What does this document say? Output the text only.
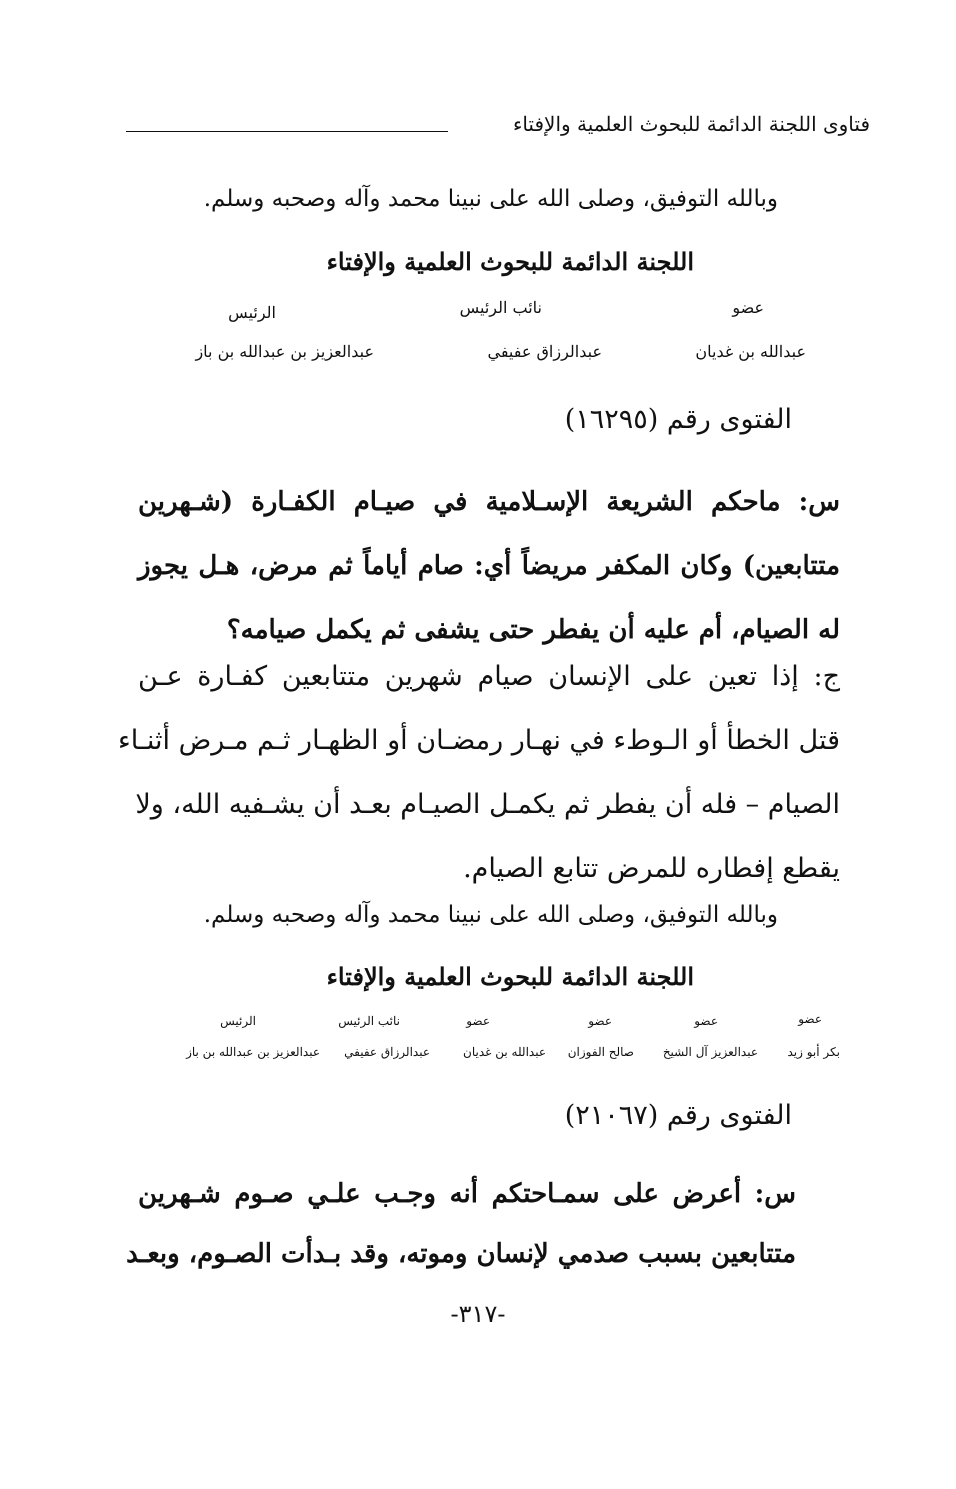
فتاوى اللجنة الدائمة للبحوث العلمية والإفتاء
وبالله التوفيق، وصلى الله على نبينا محمد وآله وصحبه وسلم.
اللجنة الدائمة للبحوث العلمية والإفتاء
عضو
نائب الرئيس
الرئيس
عبدالله بن غديان
عبدالرزاق عفيفي
عبدالعزيز بن عبدالله بن باز
الفتوى رقم (١٦٢٩٥)
س: ماحكم الشريعة الإسـلامية في صيـام الكفـارة (شـهرين
متتابعين) وكان المكفر مريضاً أي: صام أياماً ثم مرض، هـل يجوز
له الصيام، أم عليه أن يفطر حتى يشفى ثم يكمل صيامه؟
ج: إذا تعين على الإنسان صيام شهرين متتابعين كفـارة عـن
قتل الخطأ أو الـوطء في نهـار رمضـان أو الظهـار ثـم مـرض أثنـاء
الصيام – فله أن يفطر ثم يكمـل الصيـام بعـد أن يشـفيه الله، ولا
يقطع إفطاره للمرض تتابع الصيام.
وبالله التوفيق، وصلى الله على نبينا محمد وآله وصحبه وسلم.
اللجنة الدائمة للبحوث العلمية والإفتاء
عضو
عضو
عضو
عضو
نائب الرئيس
الرئيس
بكر أبو زيد
عبدالعزيز آل الشيخ
صالح الفوزان
عبدالله بن غديان
عبدالرزاق عفيفي
عبدالعزيز بن عبدالله بن باز
الفتوى رقم (٢١٠٦٧)
س: أعرض على سمـاحتكم أنه وجـب علـي صـوم شـهرين
متتابعين بسبب صدمي لإنسان وموته، وقد بـدأت الصـوم، وبعـد
-٣١٧-
